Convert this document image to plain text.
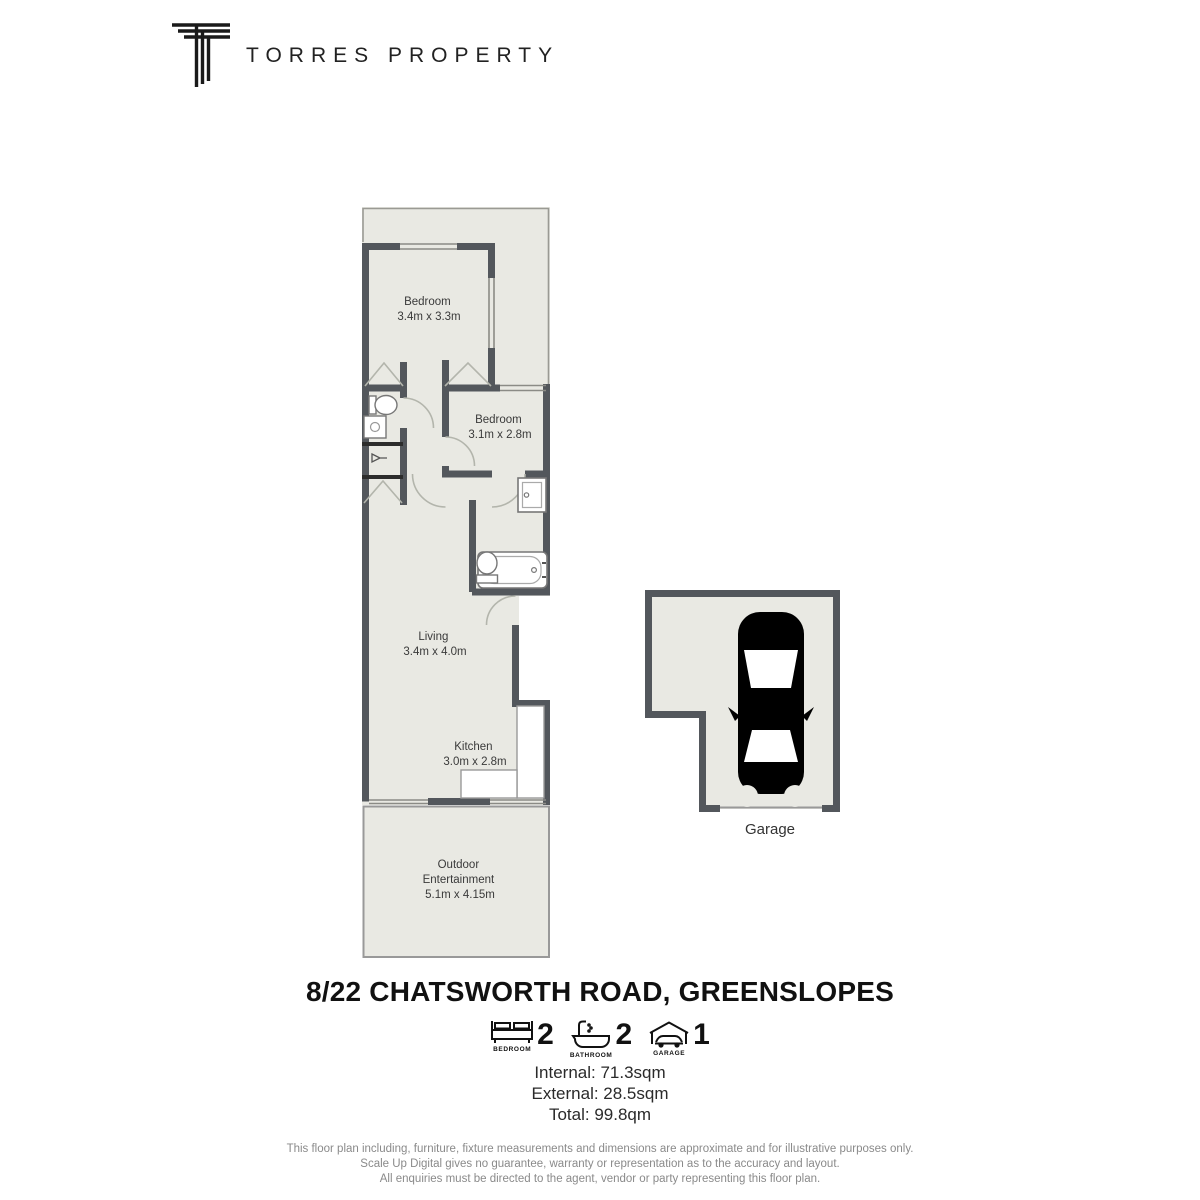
TORRES PROPERTY
Bedroom 3.4m x 3.3m
Bedroom 3.1m x 2.8m
Living 3.4m x 4.0m
Kitchen 3.0m x 2.8m
Outdoor Entertainment 5.1m x 4.15m
Garage
8/22 CHATSWORTH ROAD, GREENSLOPES
BEDROOM 2
BATHROOM
2
GARAGE
1
Internal: 71.3sqm
External: 28.5sqm
Total: 99.8qm
This floor plan including, furniture, fixture measurements and dimensions are approximate and for illustrative purposes only.
Scale Up Digital gives no guarantee, warranty or representation as to the accuracy and layout.
All enquiries must be directed to the agent, vendor or party representing this floor plan.
